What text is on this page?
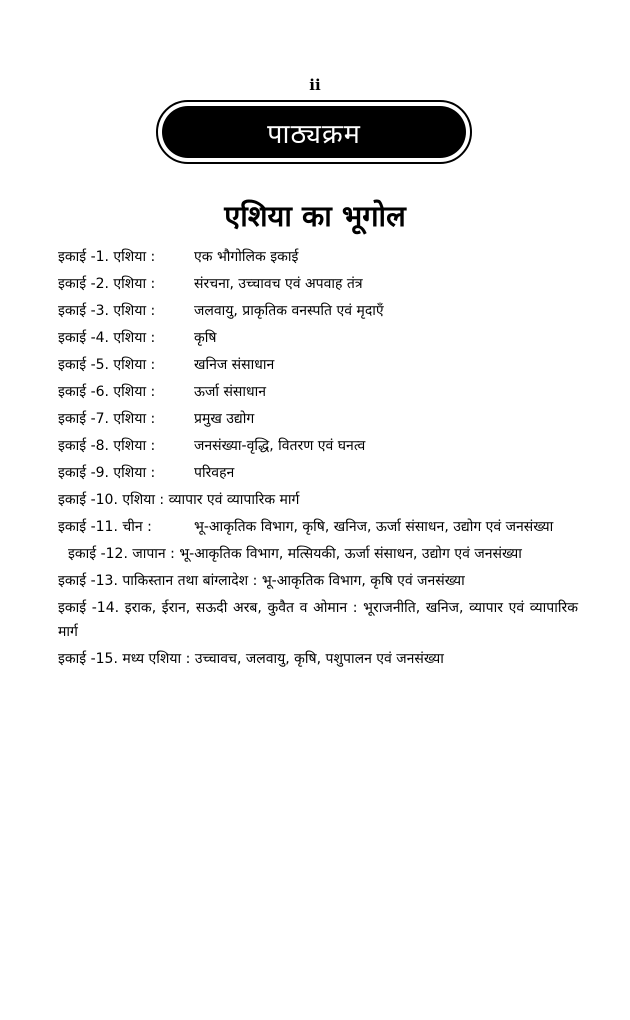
ii
पाठ्यक्रम
एशिया का भूगोल
इकाई -1. एशिया :	एक भौगोलिक इकाई
इकाई -2. एशिया :	संरचना, उच्चावच एवं अपवाह तंत्र
इकाई -3. एशिया :	जलवायु, प्राकृतिक वनस्पति एवं मृदाएँ
इकाई -4. एशिया :	कृषि
इकाई -5. एशिया :	खनिज संसाधान
इकाई -6. एशिया :	ऊर्जा संसाधान
इकाई -7. एशिया :	प्रमुख उद्योग
इकाई -8. एशिया :	जनसंख्या-वृद्धि, वितरण एवं घनत्व
इकाई -9. एशिया :	परिवहन
इकाई -10. एशिया :
व्यापार एवं व्यापारिक मार्ग
इकाई -11. चीन :	भू-आकृतिक विभाग, कृषि, खनिज, ऊर्जा संसाधन, उद्योग एवं जनसंख्या
इकाई -12. जापान :
भू-आकृतिक विभाग, मत्सियकी, ऊर्जा संसाधन, उद्योग एवं जनसंख्या
इकाई -13. पाकिस्तान तथा बांग्लादेश :
भू-आकृतिक विभाग, कृषि एवं जनसंख्या
इकाई -14. इराक, ईरान, सऊदी अरब, कुवैत व ओमान : भूराजनीति, खनिज, व्यापार एवं व्यापारिक मार्ग
इकाई -15. मध्य एशिया :
उच्चावच, जलवायु, कृषि, पशुपालन एवं जनसंख्या
